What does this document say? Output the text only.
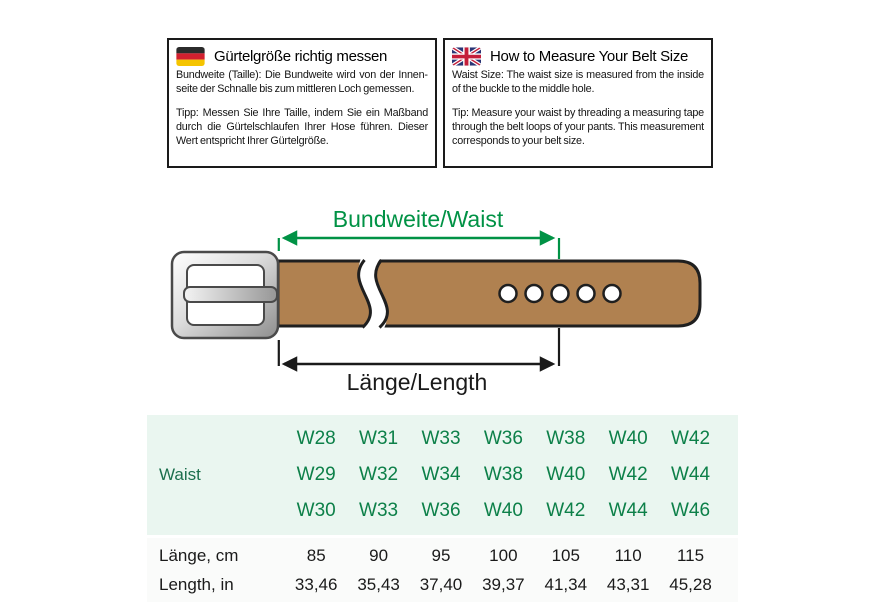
Gürtelgröße richtig messen

Bundweite (Taille): Die Bundweite wird von der Innenseite der Schnalle bis zum mittleren Loch gemessen.

Tipp: Messen Sie Ihre Taille, indem Sie ein Maßband durch die Gürtelschlaufen Ihrer Hose führen. Dieser Wert entspricht Ihrer Gürtelgröße.

How to Measure Your Belt Size

Waist Size: The waist size is measured from the inside of the buckle to the middle hole.

Tip: Measure your waist by threading a measuring tape through the belt loops of your pants. This measurement corresponds to your belt size.

Bundweite/Waist
Länge/Length
Waist
W28	W31	W33	W36	W38	W40	W42
W29	W32	W34	W38	W40	W42	W44
W30	W33	W36	W40	W42	W44	W46
Länge, cm	85	90	95	100	105	110	115
Length, in	33,46	35,43	37,40	39,37	41,34	43,31	45,28
